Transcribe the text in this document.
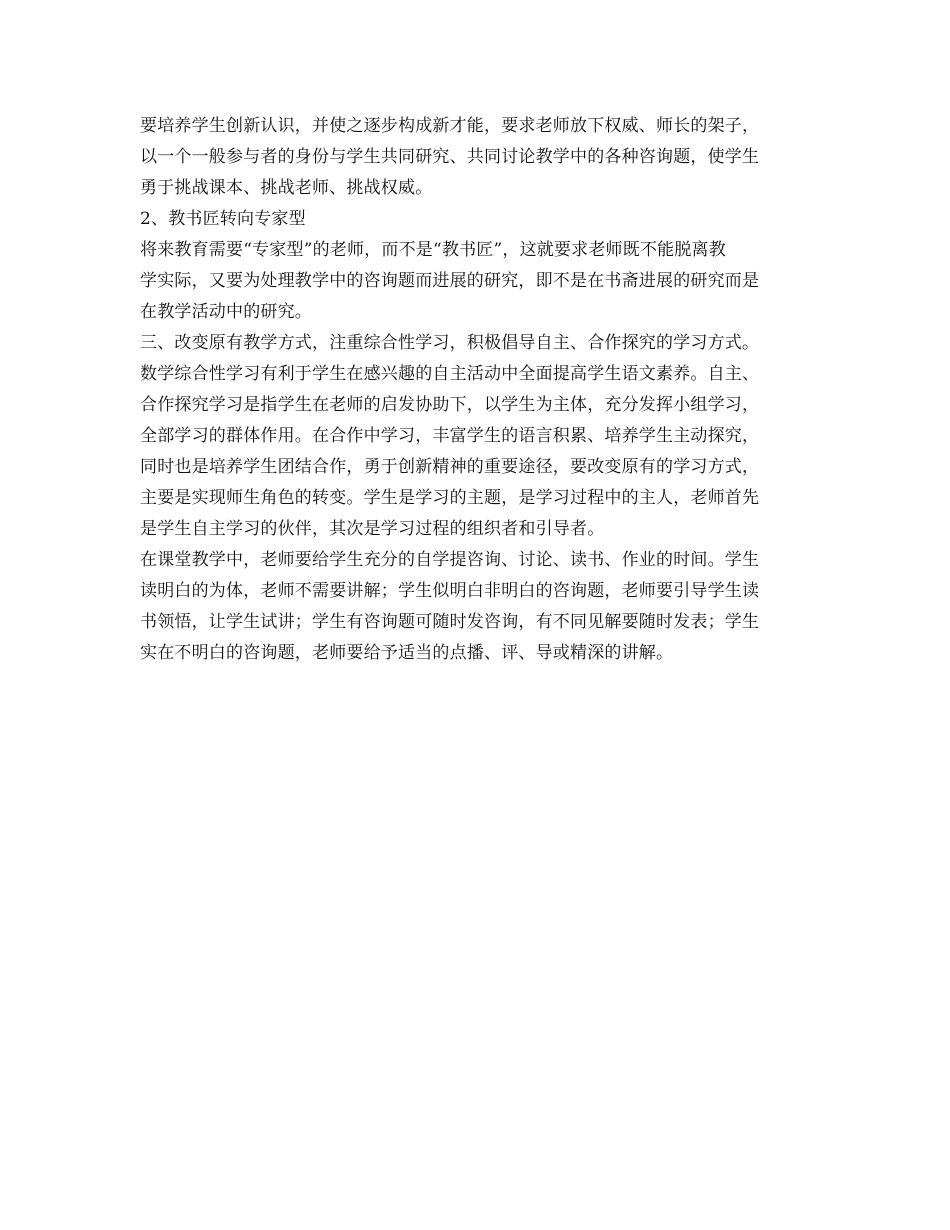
要培养学生创新认识，并使之逐步构成新才能，要求老师放下权威、师长的架子，
以一个一般参与者的身份与学生共同研究、共同讨论教学中的各种咨询题，使学生
勇于挑战课本、挑战老师、挑战权威。
2、教书匠转向专家型
将来教育需要“专家型”的老师，而不是“教书匠”，这就要求老师既不能脱离教
学实际，又要为处理教学中的咨询题而进展的研究，即不是在书斋进展的研究而是
在教学活动中的研究。
三、改变原有教学方式，注重综合性学习，积极倡导自主、合作探究的学习方式。
数学综合性学习有利于学生在感兴趣的自主活动中全面提高学生语文素养。自主、
合作探究学习是指学生在老师的启发协助下，以学生为主体，充分发挥小组学习，
全部学习的群体作用。在合作中学习，丰富学生的语言积累、培养学生主动探究，
同时也是培养学生团结合作，勇于创新精神的重要途径，要改变原有的学习方式，
主要是实现师生角色的转变。学生是学习的主题，是学习过程中的主人，老师首先
是学生自主学习的伙伴，其次是学习过程的组织者和引导者。
在课堂教学中，老师要给学生充分的自学提咨询、讨论、读书、作业的时间。学生
读明白的为体，老师不需要讲解；学生似明白非明白的咨询题，老师要引导学生读
书领悟，让学生试讲；学生有咨询题可随时发咨询，有不同见解要随时发表；学生
实在不明白的咨询题，老师要给予适当的点播、评、导或精深的讲解。
